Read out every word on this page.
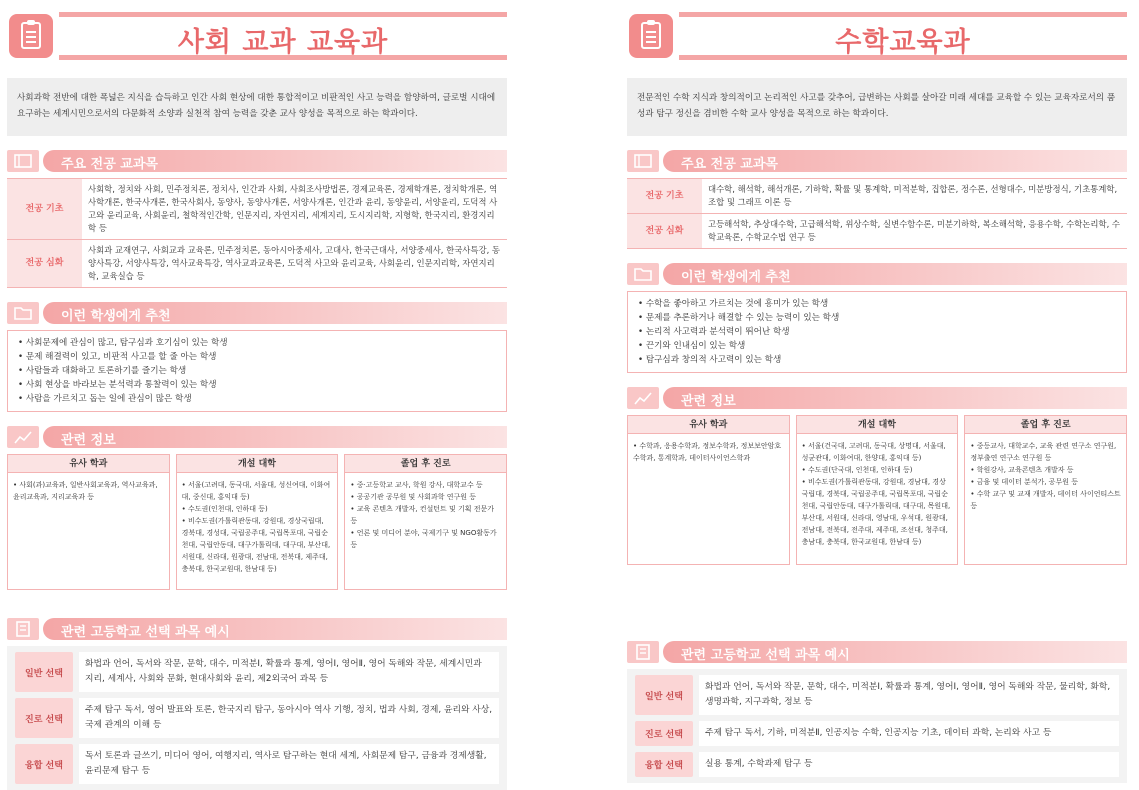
사회 교과 교육과
사회과학 전반에 대한 폭넓은 지식을 습득하고 인간 사회 현상에 대한 통합적이고 비판적인 사고 능력을 함양하여, 글로벌 시대에 요구하는 세계시민으로서의 다문화적 소양과 실천적 참여 능력을 갖춘 교사 양성을 목적으로 하는 학과이다.
주요 전공 교과목
전공 기초	사회학, 정치와 사회, 민주정치론, 정치사, 인간과 사회, 사회조사방법론, 경제교육론, 경제학개론, 정치학개론, 역사학개론, 한국사개론, 한국사회사, 동양사, 동양사개론, 서양사개론, 인간과 윤리, 동양윤리, 서양윤리, 도덕적 사고와 윤리교육, 사회윤리, 철학적인간학, 인문지리, 자연지리, 세계지리, 도시지리학, 지형학, 한국지리, 환경지리학 등
전공 심화	사회과 교재연구, 사회교과 교육론, 민주정치론, 동아시아중세사, 고대사, 한국근대사, 서양중세사, 한국사특강, 동양사특강, 서양사특강, 역사교육특강, 역사교과교육론, 도덕적 사고와 윤리교육, 사회윤리, 인문지리학, 자연지리학, 교육실습 등
이런 학생에게 추천
• 사회문제에 관심이 많고, 탐구심과 호기심이 있는 학생
• 문제 해결력이 있고, 비판적 사고를 할 줄 아는 학생
• 사람들과 대화하고 토론하기를 즐기는 학생
• 사회 현상을 바라보는 분석력과 통찰력이 있는 학생
• 사람을 가르치고 돕는 일에 관심이 많은 학생
관련 정보
유사 학과
• 사회(과)교육과, 일반사회교육과, 역사교육과, 윤리교육과, 지리교육과 등
개설 대학
• 서울(고려대, 동국대, 서울대, 성신여대, 이화여대, 중신대, 홍익대 등)
• 수도권(인천대, 인하대 등)
• 비수도권(가톨릭관동대, 강원대, 경상국립대, 경북대, 경성대, 국립공주대, 국립목포대, 국립순천대, 국립안동대, 대구가톨릭대, 대구대, 부산대, 서원대, 신라대, 원광대, 전남대, 전북대, 제주대, 충북대, 한국교원대, 한남대 등)
졸업 후 진로
• 중·고등학교 교사, 학원 강사, 대학교수 등
• 공공기관 공무원 및 사회과학 연구원 등
• 교육 콘텐츠 개발자, 컨설턴트 및 기획 전문가 등
• 언론 및 미디어 분야, 국제기구 및 NGO활동가 등
관련 고등학교 선택 과목 예시
일반 선택
화법과 언어, 독서와 작문, 문학, 대수, 미적분Ⅰ, 확률과 통계, 영어Ⅰ, 영어Ⅱ, 영어 독해와 작문, 세계시민과 지리, 세계사, 사회와 문화, 현대사회와 윤리, 제2외국어 과목 등
진로 선택
주제 탐구 독서, 영어 발표와 토론, 한국지리 탐구, 동아시아 역사 기행, 정치, 법과 사회, 경제, 윤리와 사상, 국제 관계의 이해 등
융합 선택
독서 토론과 글쓰기, 미디어 영어, 여행지리, 역사로 탐구하는 현대 세계, 사회문제 탐구, 금융과 경제생활, 윤리문제 탐구 등
수학교육과
전문적인 수학 지식과 창의적이고 논리적인 사고를 갖추어, 급변하는 사회를 살아갈 미래 세대를 교육할 수 있는 교육자로서의 품성과 탐구 정신을 겸비한 수학 교사 양성을 목적으로 하는 학과이다.
주요 전공 교과목
전공 기초	대수학, 해석학, 해석개론, 기하학, 확률 및 통계학, 미적분학, 집합론, 정수론, 선형대수, 미분방정식, 기초통계학, 조합 및 그래프 이론 등
전공 심화	고등해석학, 추상대수학, 고급해석학, 위상수학, 실변수함수론, 미분기하학, 복소해석학, 응용수학, 수학논리학, 수학교육론, 수학교수법 연구 등
이런 학생에게 추천
• 수학을 좋아하고 가르치는 것에 흥미가 있는 학생
• 문제를 추론하거나 해결할 수 있는 능력이 있는 학생
• 논리적 사고력과 분석력이 뛰어난 학생
• 끈기와 인내심이 있는 학생
• 탐구심과 창의적 사고력이 있는 학생
관련 정보
유사 학과
• 수학과, 응용수학과, 정보수학과, 정보보안암호수학과, 통계학과, 데이터사이언스학과
개설 대학
• 서울(건국대, 고려대, 동국대, 상명대, 서울대, 성균관대, 이화여대, 한양대, 홍익대 등)
• 수도권(단국대, 인천대, 인하대 등)
• 비수도권(가톨릭관동대, 강원대, 경남대, 경상국립대, 경북대, 국립공주대, 국립목포대, 국립순천대, 국립안동대, 대구가톨릭대, 대구대, 목원대, 부산대, 서원대, 신라대, 영남대, 우석대, 원광대, 전남대, 전북대, 전주대, 제주대, 조선대, 청주대, 충남대, 충북대, 한국교원대, 한남대 등)
졸업 후 진로
• 중등교사, 대학교수, 교육 관련 연구소 연구원, 정부출연 연구소 연구원 등
• 학원강사, 교육콘텐츠 개발자 등
• 금융 및 데이터 분석가, 공무원 등
• 수학 교구 및 교재 개발자, 데이터 사이언티스트 등
관련 고등학교 선택 과목 예시
일반 선택
화법과 언어, 독서와 작문, 문학, 대수, 미적분Ⅰ, 확률과 통계, 영어Ⅰ, 영어Ⅱ, 영어 독해와 작문, 물리학, 화학, 생명과학, 지구과학, 정보 등
진로 선택	주제 탐구 독서, 기하, 미적분Ⅱ, 인공지능 수학, 인공지능 기초, 데이터 과학, 논리와 사고 등
융합 선택	실용 통계, 수학과제 탐구 등
